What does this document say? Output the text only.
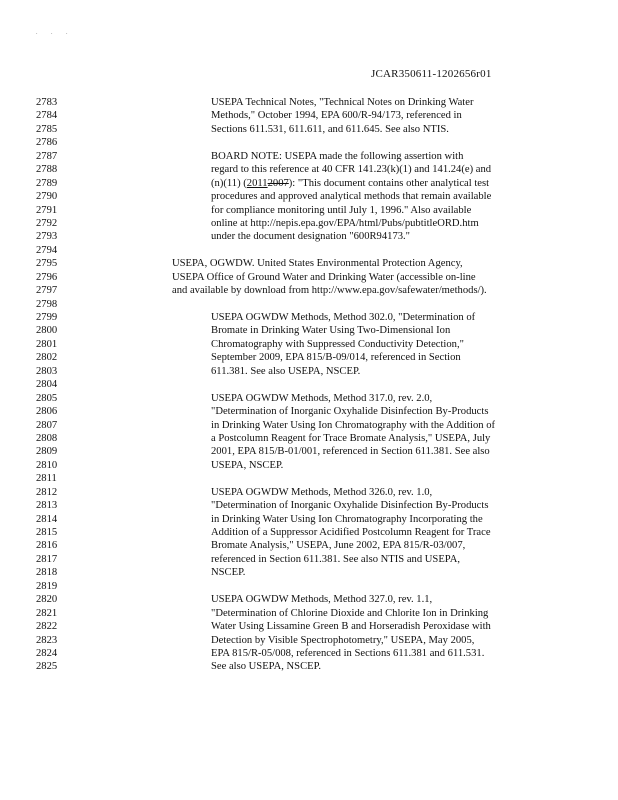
. . .
JCAR350611-1202656r01
2783	USEPA Technical Notes, "Technical Notes on Drinking Water
2784	Methods," October 1994, EPA 600/R-94/173, referenced in
2785	Sections 611.531, 611.611, and 611.645. See also NTIS.
2786
2787	BOARD NOTE: USEPA made the following assertion with
2788	regard to this reference at 40 CFR 141.23(k)(1) and 141.24(e) and
2789	(n)(11) (20112007): "This document contains other analytical test
2790	procedures and approved analytical methods that remain available
2791	for compliance monitoring until July 1, 1996." Also available
2792	online at http://nepis.epa.gov/EPA/html/Pubs/pubtitleORD.htm
2793	under the document designation "600R94173."
2794
2795	USEPA, OGWDW. United States Environmental Protection Agency,
2796	USEPA Office of Ground Water and Drinking Water (accessible on-line
2797	and available by download from http://www.epa.gov/safewater/methods/).
2798
2799	USEPA OGWDW Methods, Method 302.0, "Determination of
2800	Bromate in Drinking Water Using Two-Dimensional Ion
2801	Chromatography with Suppressed Conductivity Detection,"
2802	September 2009, EPA 815/B-09/014, referenced in Section
2803	611.381. See also USEPA, NSCEP.
2804
2805	USEPA OGWDW Methods, Method 317.0, rev. 2.0,
2806	"Determination of Inorganic Oxyhalide Disinfection By-Products
2807	in Drinking Water Using Ion Chromatography with the Addition of
2808	a Postcolumn Reagent for Trace Bromate Analysis," USEPA, July
2809	2001, EPA 815/B-01/001, referenced in Section 611.381. See also
2810	USEPA, NSCEP.
2811
2812	USEPA OGWDW Methods, Method 326.0, rev. 1.0,
2813	"Determination of Inorganic Oxyhalide Disinfection By-Products
2814	in Drinking Water Using Ion Chromatography Incorporating the
2815	Addition of a Suppressor Acidified Postcolumn Reagent for Trace
2816	Bromate Analysis," USEPA, June 2002, EPA 815/R-03/007,
2817	referenced in Section 611.381. See also NTIS and USEPA,
2818	NSCEP.
2819
2820	USEPA OGWDW Methods, Method 327.0, rev. 1.1,
2821	"Determination of Chlorine Dioxide and Chlorite Ion in Drinking
2822	Water Using Lissamine Green B and Horseradish Peroxidase with
2823	Detection by Visible Spectrophotometry," USEPA, May 2005,
2824	EPA 815/R-05/008, referenced in Sections 611.381 and 611.531.
2825	See also USEPA, NSCEP.
